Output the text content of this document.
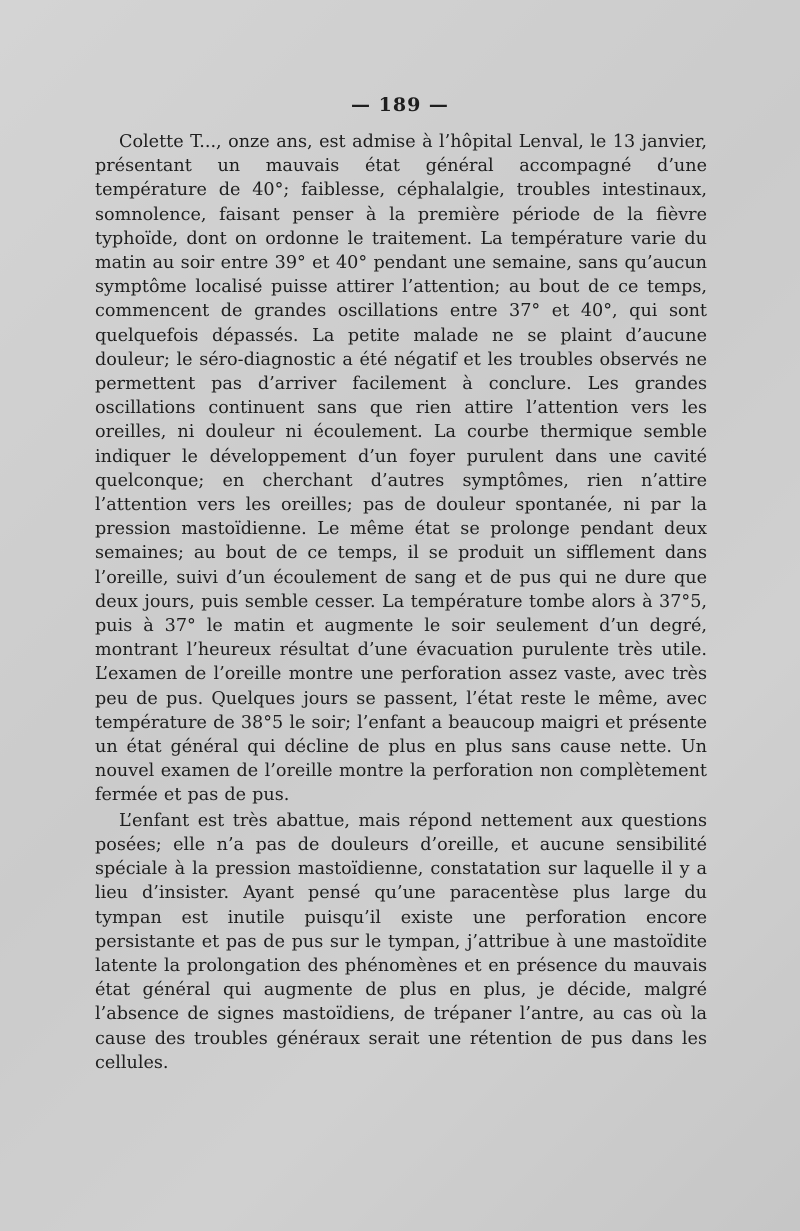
— 189 —

Colette T..., onze ans, est admise à l’hôpital Lenval, le 13 janvier, présentant un mauvais état général accompagné d’une température de 40°; faiblesse, céphalalgie, troubles intestinaux, somnolence, faisant penser à la première période de la fièvre typhoïde, dont on ordonne le traitement. La température varie du matin au soir entre 39° et 40° pendant une semaine, sans qu’aucun symptôme localisé puisse attirer l’attention; au bout de ce temps, commencent de grandes oscillations entre 37° et 40°, qui sont quelquefois dépassés. La petite malade ne se plaint d’aucune douleur; le séro-diagnostic a été négatif et les troubles observés ne permettent pas d’arriver facilement à conclure. Les grandes oscillations continuent sans que rien attire l’attention vers les oreilles, ni douleur ni écoulement. La courbe thermique semble indiquer le développement d’un foyer purulent dans une cavité quelconque; en cherchant d’autres symptômes, rien n’attire l’attention vers les oreilles; pas de douleur spontanée, ni par la pression mastoïdienne. Le même état se prolonge pendant deux semaines; au bout de ce temps, il se produit un sifflement dans l’oreille, suivi d’un écoulement de sang et de pus qui ne dure que deux jours, puis semble cesser. La température tombe alors à 37°5, puis à 37° le matin et augmente le soir seulement d’un degré, montrant l’heureux résultat d’une évacuation purulente très utile. L’examen de l’oreille montre une perforation assez vaste, avec très peu de pus. Quelques jours se passent, l’état reste le même, avec température de 38°5 le soir; l’enfant a beaucoup maigri et présente un état général qui décline de plus en plus sans cause nette. Un nouvel examen de l’oreille montre la perforation non complètement fermée et pas de pus.

L’enfant est très abattue, mais répond nettement aux questions posées; elle n’a pas de douleurs d’oreille, et aucune sensibilité spéciale à la pression mastoïdienne, constatation sur laquelle il y a lieu d’insister. Ayant pensé qu’une paracentèse plus large du tympan est inutile puisqu’il existe une perforation encore persistante et pas de pus sur le tympan, j’attribue à une mastoïdite latente la prolongation des phénomènes et en présence du mauvais état général qui augmente de plus en plus, je décide, malgré l’absence de signes mastoïdiens, de trépaner l’antre, au cas où la cause des troubles généraux serait une rétention de pus dans les cellules.
